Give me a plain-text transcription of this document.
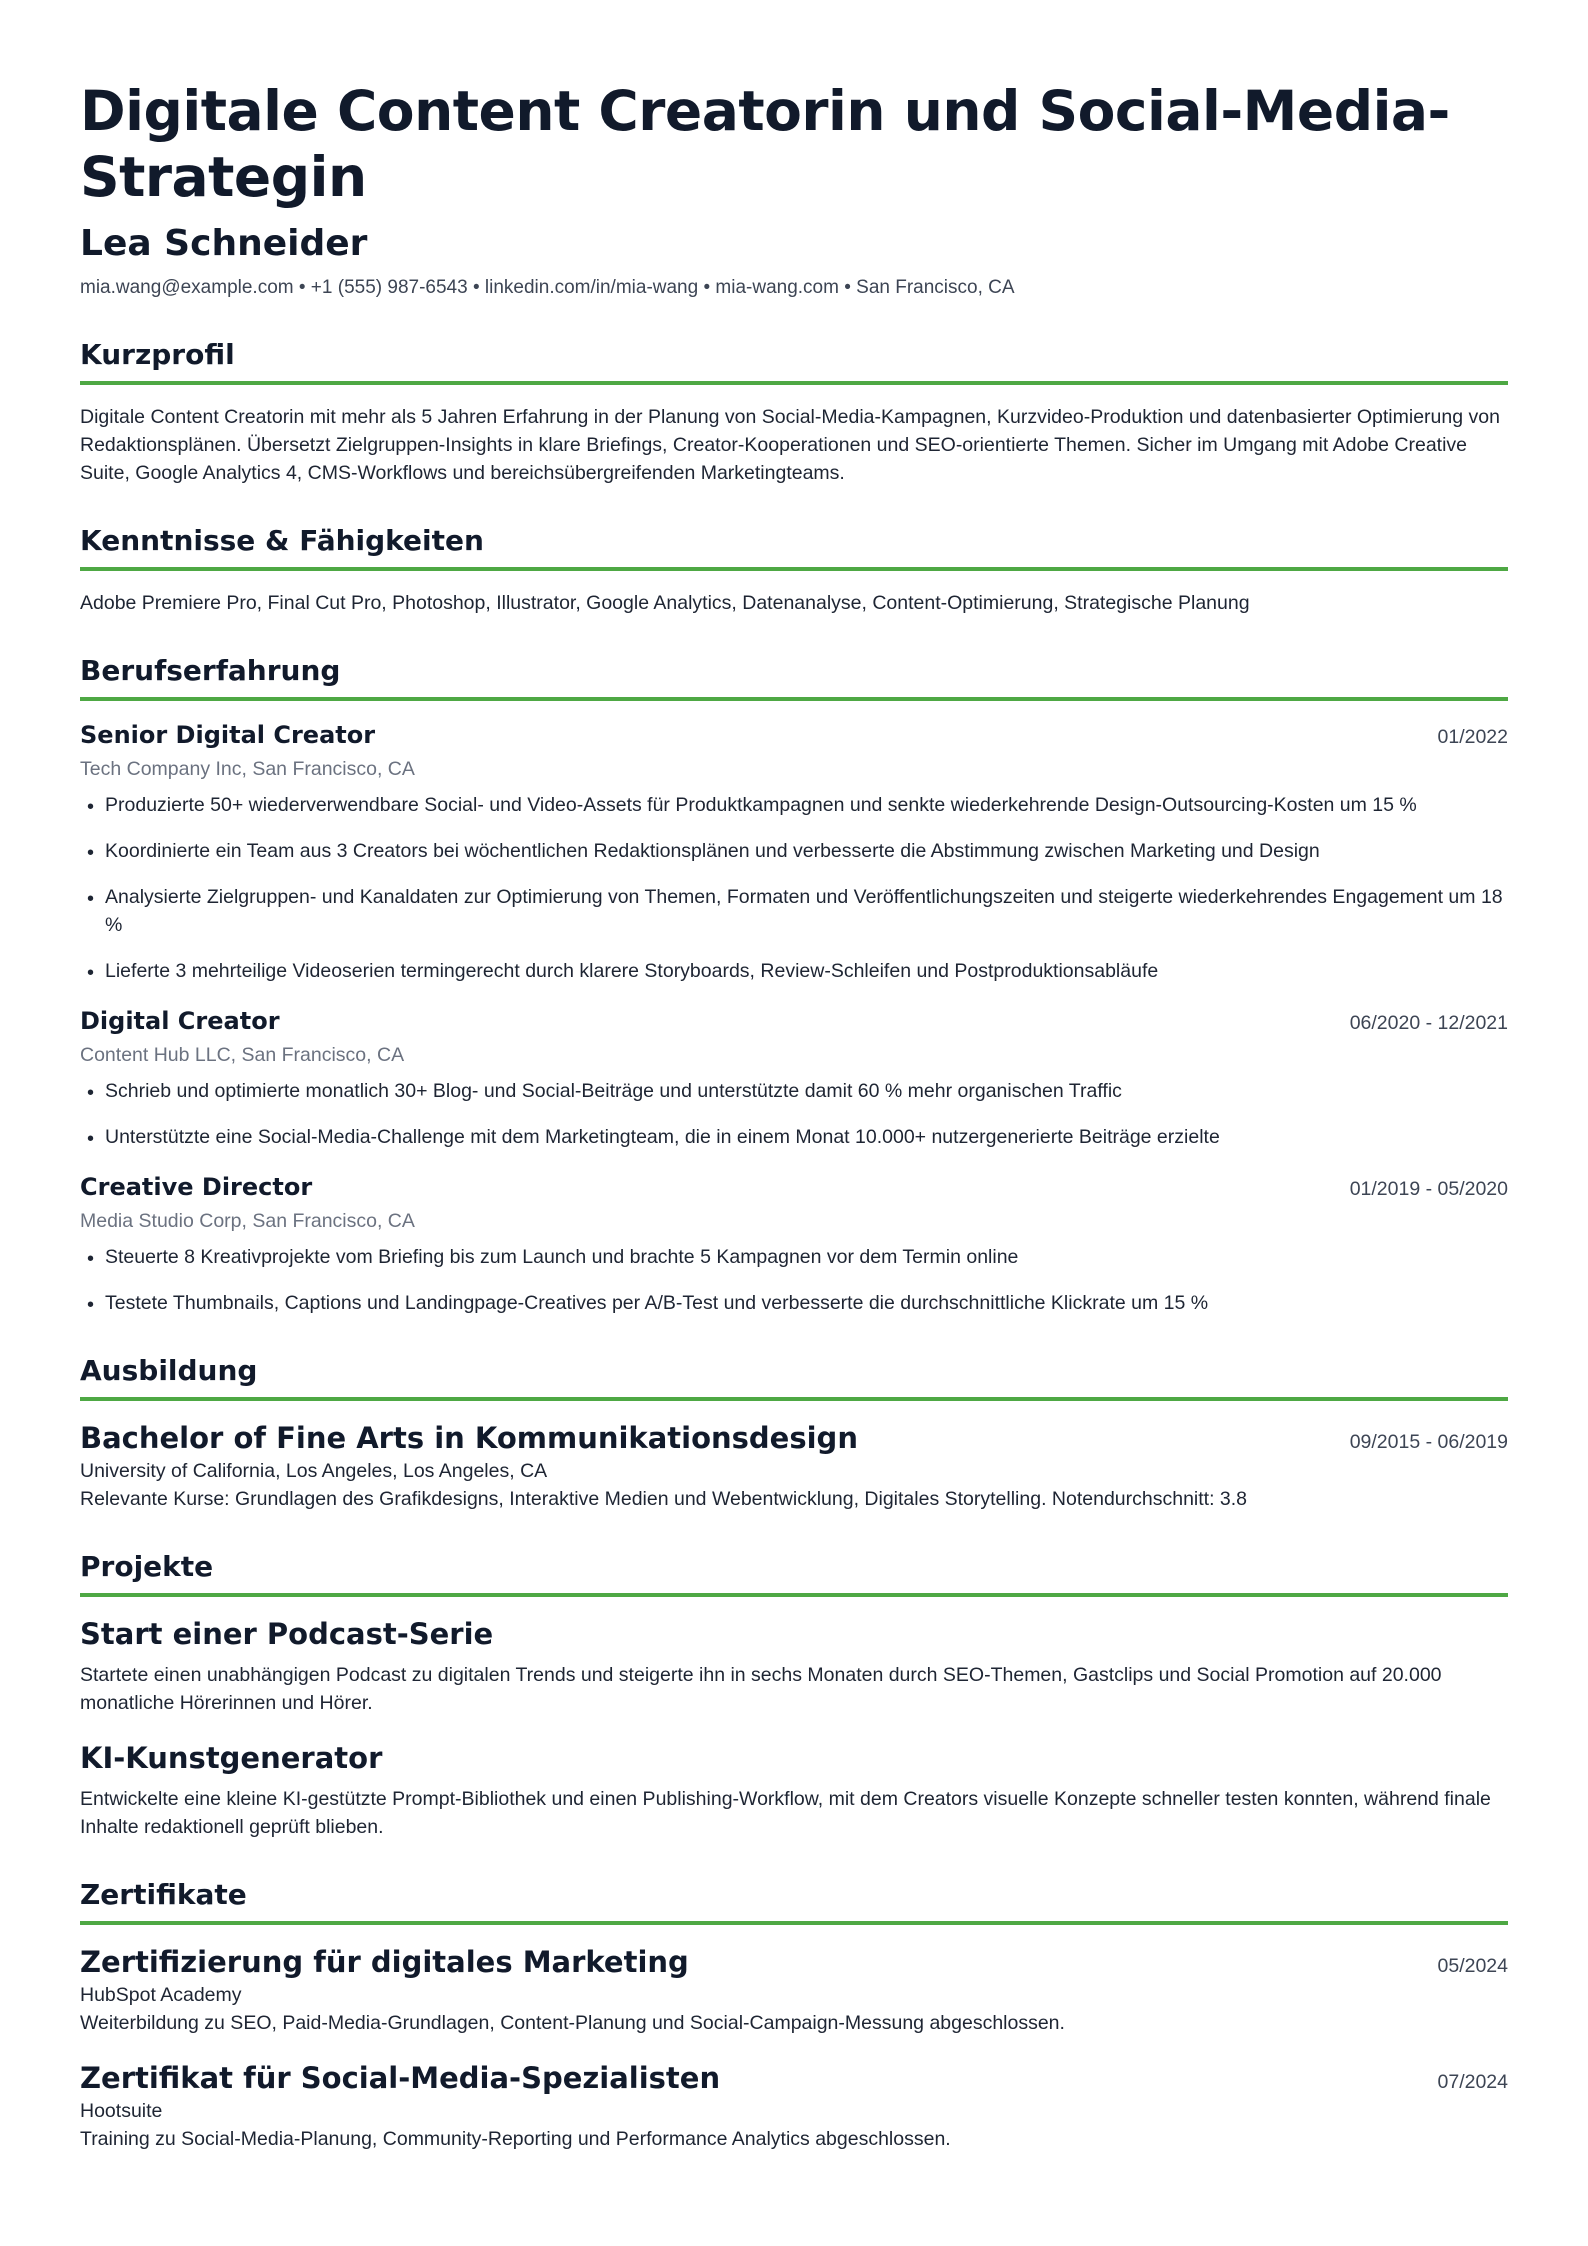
Digitale Content Creatorin und Social-Media-Strategin
Lea Schneider
mia.wang@example.com • +1 (555) 987-6543 • linkedin.com/in/mia-wang • mia-wang.com • San Francisco, CA
Kurzprofil
Digitale Content Creatorin mit mehr als 5 Jahren Erfahrung in der Planung von Social-Media-Kampagnen, Kurzvideo-Produktion und datenbasierter Optimierung von Redaktionsplänen. Übersetzt Zielgruppen-Insights in klare Briefings, Creator-Kooperationen und SEO-orientierte Themen. Sicher im Umgang mit Adobe Creative Suite, Google Analytics 4, CMS-Workflows und bereichsübergreifenden Marketingteams.
Kenntnisse & Fähigkeiten
Adobe Premiere Pro, Final Cut Pro, Photoshop, Illustrator, Google Analytics, Datenanalyse, Content-Optimierung, Strategische Planung
Berufserfahrung
Senior Digital Creator	01/2022
Tech Company Inc, San Francisco, CA
• Produzierte 50+ wiederverwendbare Social- und Video-Assets für Produktkampagnen und senkte wiederkehrende Design-Outsourcing-Kosten um 15 %
• Koordinierte ein Team aus 3 Creators bei wöchentlichen Redaktionsplänen und verbesserte die Abstimmung zwischen Marketing und Design
• Analysierte Zielgruppen- und Kanaldaten zur Optimierung von Themen, Formaten und Veröffentlichungszeiten und steigerte wiederkehrendes Engagement um 18 %
• Lieferte 3 mehrteilige Videoserien termingerecht durch klarere Storyboards, Review-Schleifen und Postproduktionsabläufe
Digital Creator	06/2020 - 12/2021
Content Hub LLC, San Francisco, CA
• Schrieb und optimierte monatlich 30+ Blog- und Social-Beiträge und unterstützte damit 60 % mehr organischen Traffic
• Unterstützte eine Social-Media-Challenge mit dem Marketingteam, die in einem Monat 10.000+ nutzergenerierte Beiträge erzielte
Creative Director	01/2019 - 05/2020
Media Studio Corp, San Francisco, CA
• Steuerte 8 Kreativprojekte vom Briefing bis zum Launch und brachte 5 Kampagnen vor dem Termin online
• Testete Thumbnails, Captions und Landingpage-Creatives per A/B-Test und verbesserte die durchschnittliche Klickrate um 15 %
Ausbildung
Bachelor of Fine Arts in Kommunikationsdesign	09/2015 - 06/2019
University of California, Los Angeles, Los Angeles, CA
Relevante Kurse: Grundlagen des Grafikdesigns, Interaktive Medien und Webentwicklung, Digitales Storytelling. Notendurchschnitt: 3.8
Projekte
Start einer Podcast-Serie
Startete einen unabhängigen Podcast zu digitalen Trends und steigerte ihn in sechs Monaten durch SEO-Themen, Gastclips und Social Promotion auf 20.000 monatliche Hörerinnen und Hörer.
KI-Kunstgenerator
Entwickelte eine kleine KI-gestützte Prompt-Bibliothek und einen Publishing-Workflow, mit dem Creators visuelle Konzepte schneller testen konnten, während finale Inhalte redaktionell geprüft blieben.
Zertifikate
Zertifizierung für digitales Marketing	05/2024
HubSpot Academy
Weiterbildung zu SEO, Paid-Media-Grundlagen, Content-Planung und Social-Campaign-Messung abgeschlossen.
Zertifikat für Social-Media-Spezialisten	07/2024
Hootsuite
Training zu Social-Media-Planung, Community-Reporting und Performance Analytics abgeschlossen.
